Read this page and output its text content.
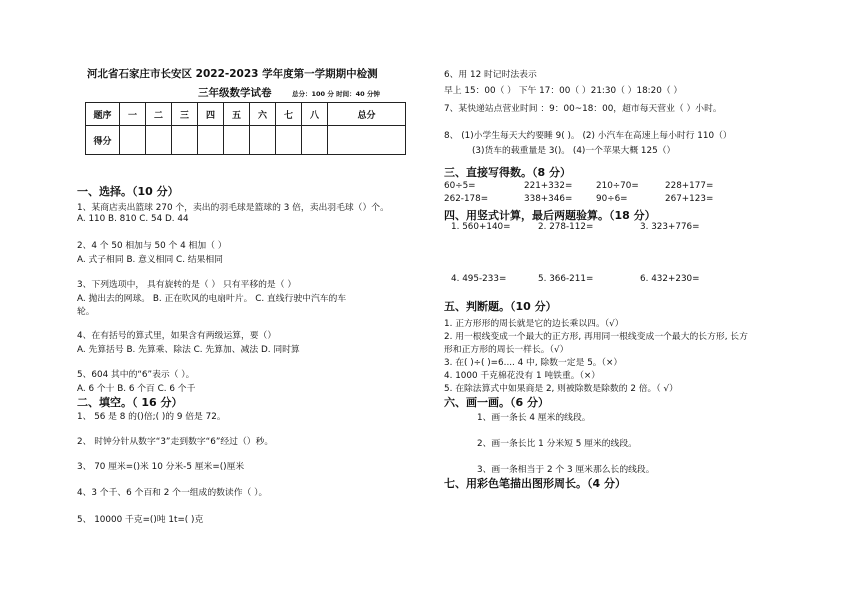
河北省石家庄市长安区 2022-2023 学年度第一学期期中检测
三年级数学试卷	总分：100 分 时间：40 分钟
题序	一	二	三	四	五	六	七	八	总分
得分									
一、选择。（10 分）
1、某商店卖出篮球 270 个，卖出的羽毛球是篮球的 3 倍，卖出羽毛球（）个。
A. 110 B. 810 C. 54 D. 44
2、4 个 50 相加与 50 个 4 相加（ ）
A. 式子相同 B. 意义相同 C. 结果相同
3、下列选项中， 具有旋转的是（ ） 只有平移的是（ ）
A. 抛出去的网球。 B. 正在吹风的电扇叶片。 C. 直线行驶中汽车的车
轮。
4、在有括号的算式里，如果含有两级运算，要（）
A. 先算括号 B. 先算乘、除法 C. 先算加、减法 D. 同时算
5、604 其中的“6”表示（ ）。
A. 6 个十 B. 6 个百 C. 6 个千
二、填空。（ 16 分）
1、 56 是 8 的()倍;( )的 9 倍是 72。
2、 时钟分针从数字“3”走到数字“6”经过（）秒。
3、 70 厘米=()米 10 分米-5 厘米=()厘米
4、3 个千、6 个百和 2 个一组成的数读作（ ）。
5、 10000 千克=()吨 1t=( )克
6、用 12 时记时法表示
早上 15：00（ ） 下午 17：00（ ）21:30（ ）18:20（ ）
7、某快递站点营业时间 ：9：00~18：00，超市每天营业（ ）小时。
8、 (1)小学生每天大约要睡 9( )。 (2) 小汽车在高速上每小时行 110（）
(3)货车的载重量是 3()。 (4)一个苹果大概 125（）
三、直接写得数。（8 分）
60÷5=	221+332=	210÷70=	228+177=
262-178=	338+346=	90÷6=	267+123=
四、用竖式计算，最后两题验算。（18 分）
1. 560+140=	2. 278-112=	3. 323+776=
4. 495-233=	5. 366-211=	6. 432+230=
五、判断题。（10 分）
1. 正方形形的周长就是它的边长乘以四。（√）
2. 用一根线变成一个最大的正方形, 再用同一根线变成一个最大的长方形, 长方
形和正方形的周长一样长。（√）
3. 在( )÷( )=6.... 4 中, 除数一定是 5。（×）
4. 1000 千克棉花没有 1 吨铁重。（×）
5. 在除法算式中如果商是 2, 则被除数是除数的 2 倍。（ √）
六、画一画。（6 分）
1、画一条长 4 厘米的线段。
2、画一条长比 1 分米短 5 厘米的线段。
3、画一条相当于 2 个 3 厘米那么长的线段。
七、用彩色笔描出图形周长。（4 分）
